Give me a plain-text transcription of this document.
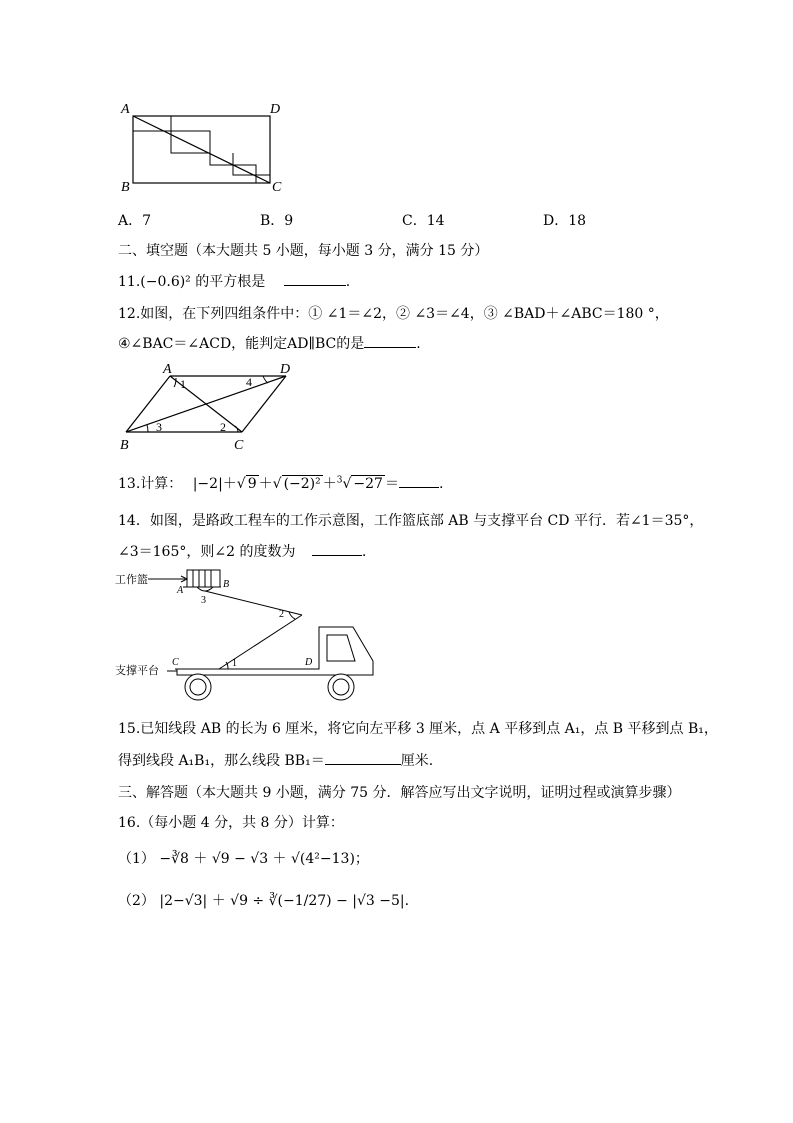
A	D
B	C
A．7	B．9	C．14	D．18
二、填空题（本大题共 5 小题，每小题 3 分，满分 15 分）
11.(−0.6)² 的平方根是	.
12.如图，在下列四组条件中：① ∠1＝∠2，② ∠3＝∠4，③ ∠BAD＋∠ABC＝180 °，
④∠BAC＝∠ACD，能判定AD∥BC的是	.
A	D
B	C
1	4
3	2
13.计算： |−2|＋√ 9 ＋√ (−2)² ＋$^3$√ −27 ＝	.
14．如图，是路政工程车的工作示意图，工作篮底部 AB 与支撑平台 CD 平行．若∠1＝35°，
∠3＝165°，则∠2 的度数为	.
工作篮
A
B
3
2
1	D
C
支撑平台
15.已知线段 AB 的长为 6 厘米，将它向左平移 3 厘米，点 A 平移到点 A₁，点 B 平移到点 B₁，
得到线段 A₁B₁，那么线段 BB₁＝	厘米.
三、解答题（本大题共 9 小题，满分 75 分．解答应写出文字说明，证明过程或演算步骤）
16.（每小题 4 分，共 8 分）计算：
（1） −∛8 ＋ √9 − √3 ＋ √(4²−13)；
（2） |2−√3| ＋ √9 ÷ ∛(−1/27) − |√3 −5|.
